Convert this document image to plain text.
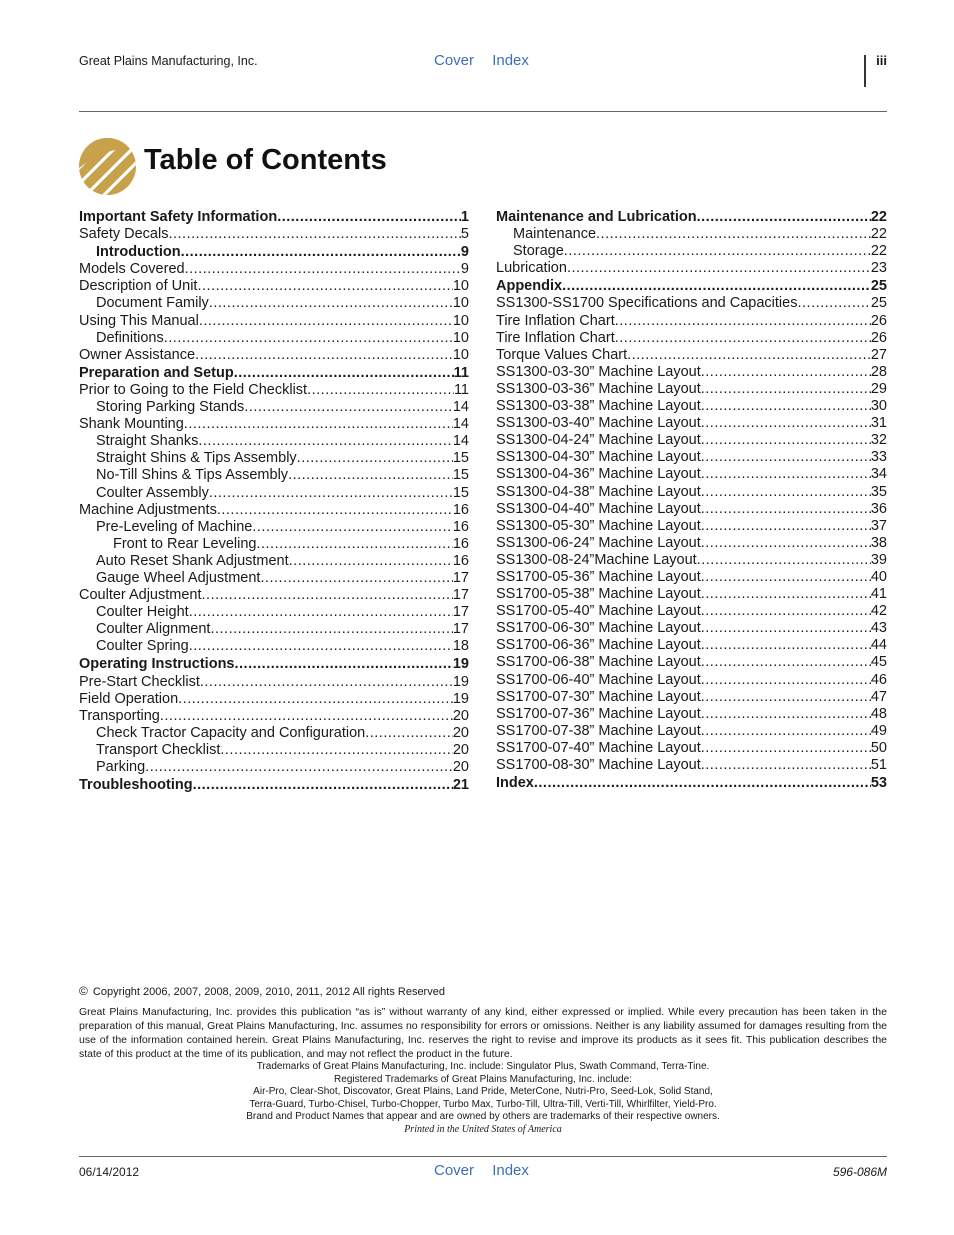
Great Plains Manufacturing, Inc.	Cover Index	iii
Table of Contents
Important Safety Information .....	1
Safety Decals .....	5
Introduction .....	9
Models Covered .....	9
Description of Unit .....	10
Document Family .....	10
Using This Manual .....	10
Definitions .....	10
Owner Assistance .....	10
Preparation and Setup .....	11
Prior to Going to the Field Checklist .....	11
Storing Parking Stands .....	14
Shank Mounting .....	14
Straight Shanks .....	14
Straight Shins & Tips Assembly .....	15
No-Till Shins & Tips Assembly .....	15
Coulter Assembly .....	15
Machine Adjustments .....	16
Pre-Leveling of Machine .....	16
Front to Rear Leveling .....	16
Auto Reset Shank Adjustment .....	16
Gauge Wheel Adjustment .....	17
Coulter Adjustment .....	17
Coulter Height .....	17
Coulter Alignment .....	17
Coulter Spring .....	18
Operating Instructions .....	19
Pre-Start Checklist .....	19
Field Operation .....	19
Transporting .....	20
Check Tractor Capacity and Configuration .....	20
Transport Checklist .....	20
Parking .....	20
Troubleshooting .....	21
Maintenance and Lubrication .....	22
Maintenance .....	22
Storage .....	22
Lubrication .....	23
Appendix .....	25
SS1300-SS1700 Specifications and Capacities .....	25
Tire Inflation Chart .....	26
Tire Inflation Chart .....	26
Torque Values Chart .....	27
SS1300-03-30” Machine Layout .....	28
SS1300-03-36” Machine Layout .....	29
SS1300-03-38” Machine Layout .....	30
SS1300-03-40” Machine Layout .....	31
SS1300-04-24” Machine Layout .....	32
SS1300-04-30” Machine Layout .....	33
SS1300-04-36” Machine Layout .....	34
SS1300-04-38” Machine Layout .....	35
SS1300-04-40” Machine Layout .....	36
SS1300-05-30” Machine Layout .....	37
SS1300-06-24” Machine Layout .....	38
SS1300-08-24”Machine Layout .....	39
SS1700-05-36” Machine Layout .....	40
SS1700-05-38” Machine Layout .....	41
SS1700-05-40” Machine Layout .....	42
SS1700-06-30” Machine Layout .....	43
SS1700-06-36” Machine Layout .....	44
SS1700-06-38” Machine Layout .....	45
SS1700-06-40” Machine Layout .....	46
SS1700-07-30” Machine Layout .....	47
SS1700-07-36” Machine Layout .....	48
SS1700-07-38” Machine Layout .....	49
SS1700-07-40” Machine Layout .....	50
SS1700-08-30” Machine Layout .....	51
Index .....	53
© Copyright 2006, 2007, 2008, 2009, 2010, 2011, 2012 All rights Reserved
Great Plains Manufacturing, Inc. provides this publication “as is” without warranty of any kind, either expressed or implied. While every precaution has been taken in the preparation of this manual, Great Plains Manufacturing, Inc. assumes no responsibility for errors or omissions. Neither is any liability assumed for damages resulting from the use of the information contained herein. Great Plains Manufacturing, Inc. reserves the right to revise and improve its products as it sees fit. This publication describes the state of this product at the time of its publication, and may not reflect the product in the future.
Trademarks of Great Plains Manufacturing, Inc. include: Singulator Plus, Swath Command, Terra-Tine.
Registered Trademarks of Great Plains Manufacturing, Inc. include:
Air-Pro, Clear-Shot, Discovator, Great Plains, Land Pride, MeterCone, Nutri-Pro, Seed-Lok, Solid Stand,
Terra-Guard, Turbo-Chisel, Turbo-Chopper, Turbo Max, Turbo-Till, Ultra-Till, Verti-Till, Whirlfilter, Yield-Pro.
Brand and Product Names that appear and are owned by others are trademarks of their respective owners.
Printed in the United States of America
06/14/2012	Cover Index	596-086M
